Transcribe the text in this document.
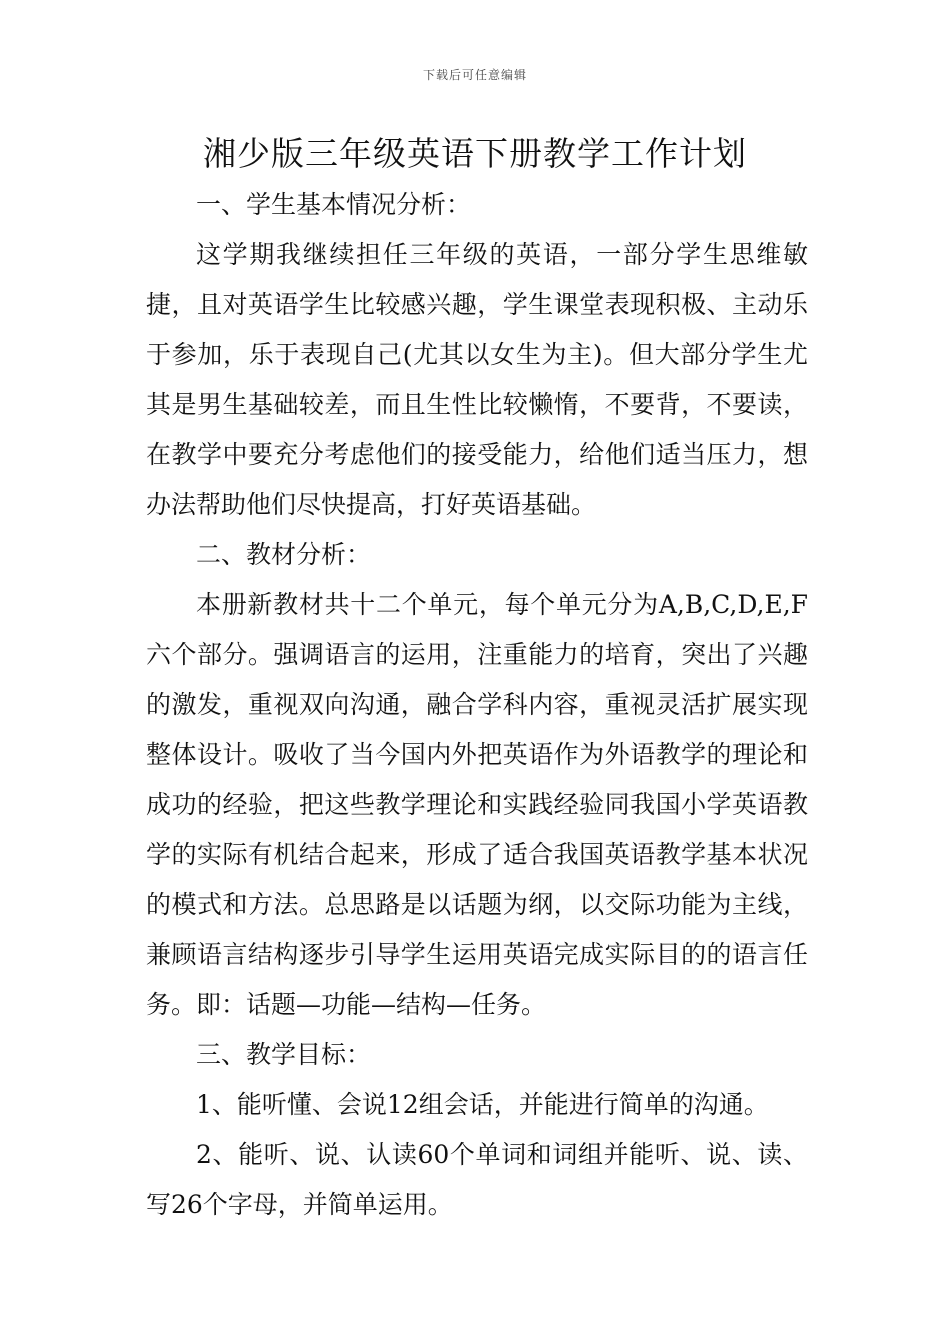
下载后可任意编辑
湘少版三年级英语下册教学工作计划

一、学生基本情况分析：

这学期我继续担任三年级的英语，一部分学生思维敏捷，且对英语学生比较感兴趣，学生课堂表现积极、主动乐于参加，乐于表现自己(尤其以女生为主)。但大部分学生尤其是男生基础较差，而且生性比较懒惰，不要背，不要读，在教学中要充分考虑他们的接受能力，给他们适当压力，想办法帮助他们尽快提高，打好英语基础。

二、教材分析：

本册新教材共十二个单元，每个单元分为A,B,C,D,E,F六个部分。强调语言的运用，注重能力的培育，突出了兴趣的激发，重视双向沟通，融合学科内容，重视灵活扩展实现整体设计。吸收了当今国内外把英语作为外语教学的理论和成功的经验，把这些教学理论和实践经验同我国小学英语教学的实际有机结合起来，形成了适合我国英语教学基本状况的模式和方法。总思路是以话题为纲，以交际功能为主线，兼顾语言结构逐步引导学生运用英语完成实际目的的语言任务。即：话题—功能—结构—任务。

三、教学目标：

1、能听懂、会说12组会话，并能进行简单的沟通。

2、能听、说、认读60个单词和词组并能听、说、读、写26个字母，并简单运用。
